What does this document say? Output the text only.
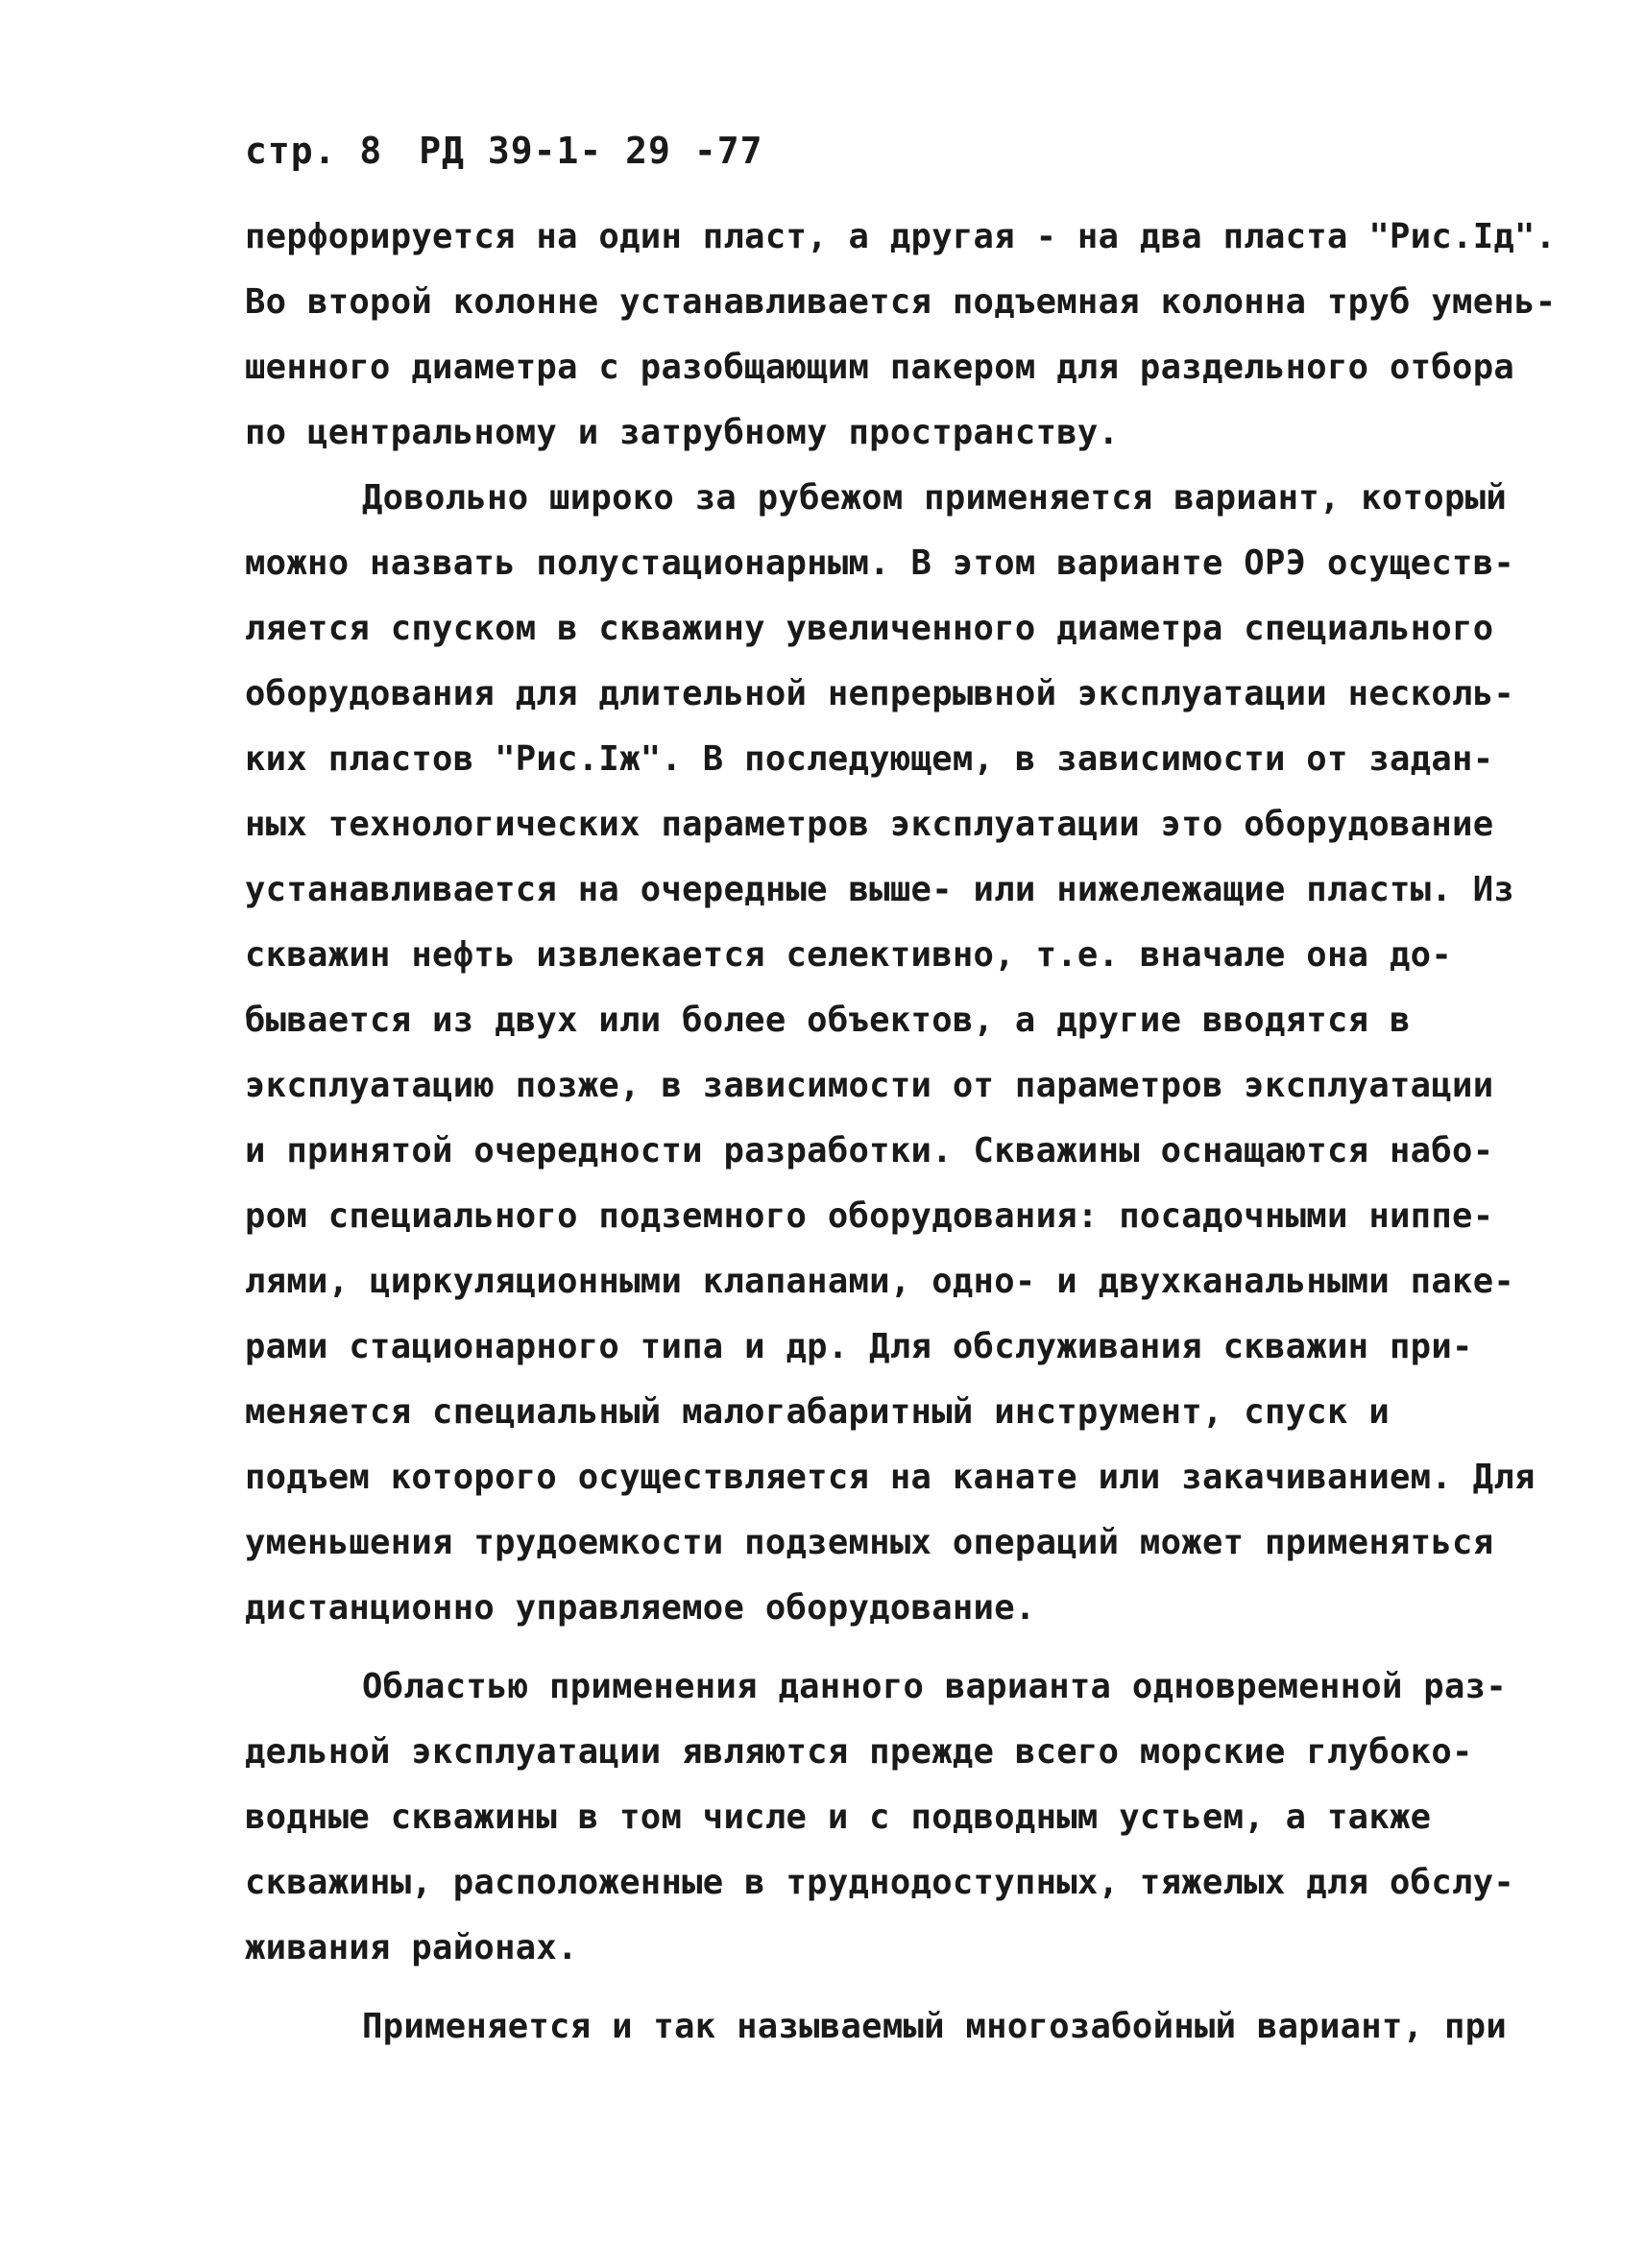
стр. 8 РД 39-1- 29 -77
перфорируется на один пласт, а другая - на два пласта "Рис.Iд".
Во второй колонне устанавливается подъемная колонна труб умень-
шенного диаметра с разобщающим пакером для раздельного отбора
по центральному и затрубному пространству.
Довольно широко за рубежом применяется вариант, который
можно назвать полустационарным. В этом варианте ОРЭ осуществ-
ляется спуском в скважину увеличенного диаметра специального
оборудования для длительной непрерывной эксплуатации несколь-
ких пластов "Рис.Iж". В последующем, в зависимости от задан-
ных технологических параметров эксплуатации это оборудование
устанавливается на очередные выше- или нижележащие пласты. Из
скважин нефть извлекается селективно, т.е. вначале она до-
бывается из двух или более объектов, а другие вводятся в
эксплуатацию позже, в зависимости от параметров эксплуатации
и принятой очередности разработки. Скважины оснащаются набо-
ром специального подземного оборудования: посадочными ниппе-
лями, циркуляционными клапанами, одно- и двухканальными паке-
рами стационарного типа и др. Для обслуживания скважин при-
меняется специальный малогабаритный инструмент, спуск и
подъем которого осуществляется на канате или закачиванием. Для
уменьшения трудоемкости подземных операций может применяться
дистанционно управляемое оборудование.
Областью применения данного варианта одновременной раз-
дельной эксплуатации являются прежде всего морские глубоко-
водные скважины в том числе и с подводным устьем, а также
скважины, расположенные в труднодоступных, тяжелых для обслу-
живания районах.
Применяется и так называемый многозабойный вариант, при
